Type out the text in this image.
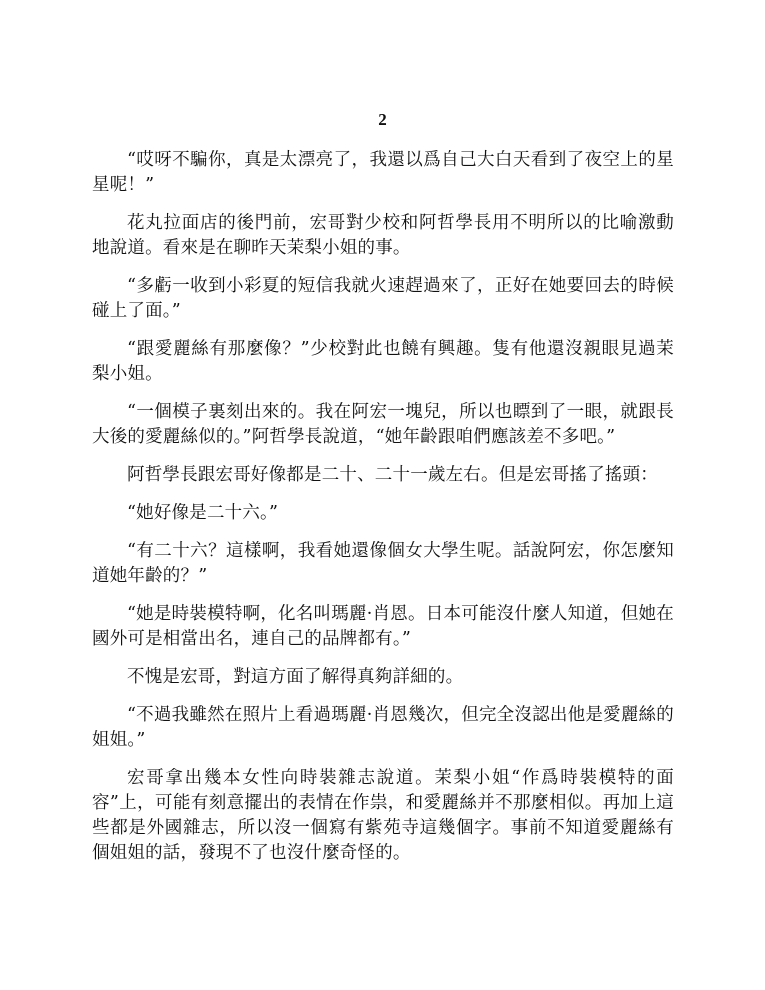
2

“哎呀不騙你，真是太漂亮了，我還以爲自己大白天看到了夜空上的星星呢！”

花丸拉面店的後門前，宏哥對少校和阿哲學長用不明所以的比喻激動地說道。看來是在聊昨天茉梨小姐的事。

“多虧一收到小彩夏的短信我就火速趕過來了，正好在她要回去的時候碰上了面。”

“跟愛麗絲有那麼像？”少校對此也饒有興趣。隻有他還沒親眼見過茉梨小姐。

“一個模子裏刻出來的。我在阿宏一塊兒，所以也瞟到了一眼，就跟長大後的愛麗絲似的。”阿哲學長說道，“她年齡跟咱們應該差不多吧。”

阿哲學長跟宏哥好像都是二十、二十一歲左右。但是宏哥搖了搖頭：

“她好像是二十六。”

“有二十六？這樣啊，我看她還像個女大學生呢。話說阿宏，你怎麼知道她年齡的？”

“她是時裝模特啊，化名叫瑪麗·肖恩。日本可能沒什麼人知道，但她在國外可是相當出名，連自己的品牌都有。”

不愧是宏哥，對這方面了解得真夠詳細的。

“不過我雖然在照片上看過瑪麗·肖恩幾次，但完全沒認出他是愛麗絲的姐姐。”

宏哥拿出幾本女性向時裝雜志說道。茉梨小姐“作爲時裝模特的面容”上，可能有刻意擺出的表情在作祟，和愛麗絲并不那麼相似。再加上這些都是外國雜志，所以沒一個寫有紫苑寺這幾個字。事前不知道愛麗絲有個姐姐的話，發現不了也沒什麼奇怪的。
